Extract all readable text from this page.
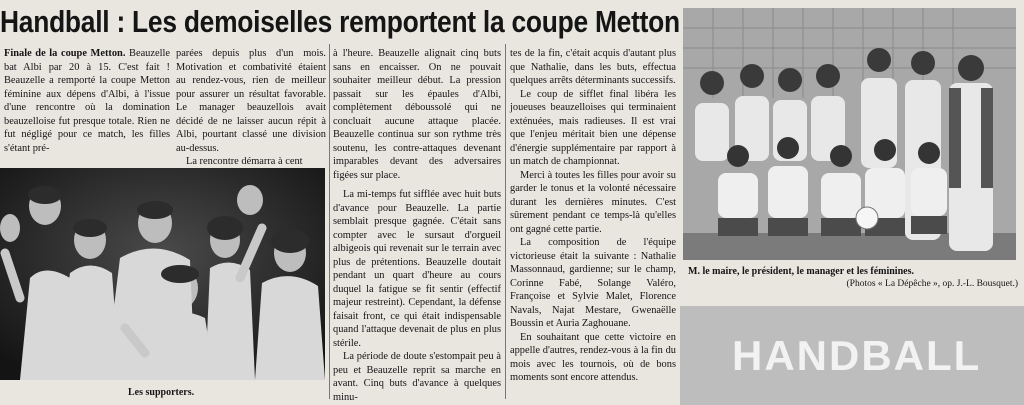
Handball : Les demoiselles remportent la coupe Metton

Finale de la coupe Metton. Beauzelle bat Albi par 20 à 15. C'est fait ! Beauzelle a remporté la coupe Metton féminine aux dépens d'Albi, à l'issue d'une rencontre où la domination beauzelloise fut presque totale. Rien ne fut négligé pour ce match, les filles s'étant pré-

parées depuis plus d'un mois. Motivation et combativité étaient au rendez-vous, rien de meilleur pour assurer un résultat favorable. Le manager beauzellois avait décidé de ne laisser aucun répit à Albi, pourtant classé une division au-dessus.

La rencontre démarra à cent

Les supporters.

à l'heure. Beauzelle alignait cinq buts sans en encaisser. On ne pouvait souhaiter meilleur début. La pression passait sur les épaules d'Albi, complètement déboussolé qui ne concluait aucune attaque placée. Beauzelle continua sur son rythme très soutenu, les contre-attaques devenant imparables devant des adversaires figées sur place.

La mi-temps fut sifflée avec huit buts d'avance pour Beauzelle. La partie semblait presque gagnée. C'était sans compter avec le sursaut d'orgueil albigeois qui revenait sur le terrain avec plus de prétentions. Beauzelle doutait pendant un quart d'heure au cours duquel la fatigue se fit sentir (effectif majeur restreint). Cependant, la défense faisait front, ce qui était indispensable quand l'attaque devenait de plus en plus stérile.

La période de doute s'estompait peu à peu et Beauzelle reprit sa marche en avant. Cinq buts d'avance à quelques minu-

tes de la fin, c'était acquis d'autant plus que Nathalie, dans les buts, effectua quelques arrêts déterminants successifs.

Le coup de sifflet final libéra les joueuses beauzelloises qui terminaient exténuées, mais radieuses. Il est vrai que l'enjeu méritait bien une dépense d'énergie supplémentaire par rapport à un match de championnat.

Merci à toutes les filles pour avoir su garder le tonus et la volonté nécessaire durant les dernières minutes. C'est sûrement pendant ce temps-là qu'elles ont gagné cette partie.

La composition de l'équipe victorieuse était la suivante : Nathalie Massonnaud, gardienne; sur le champ, Corinne Fabé, Solange Valéro, Françoise et Sylvie Malet, Florence Navals, Najat Mestare, Gwenaëlle Boussin et Auria Zaghouane.

En souhaitant que cette victoire en appelle d'autres, rendez-vous à la fin du mois avec les tournois, où de bons moments sont encore attendus.

M. le maire, le président, le manager et les féminines.
(Photos « La Dépêche », op. J.-L. Bousquet.)
HANDBALL
